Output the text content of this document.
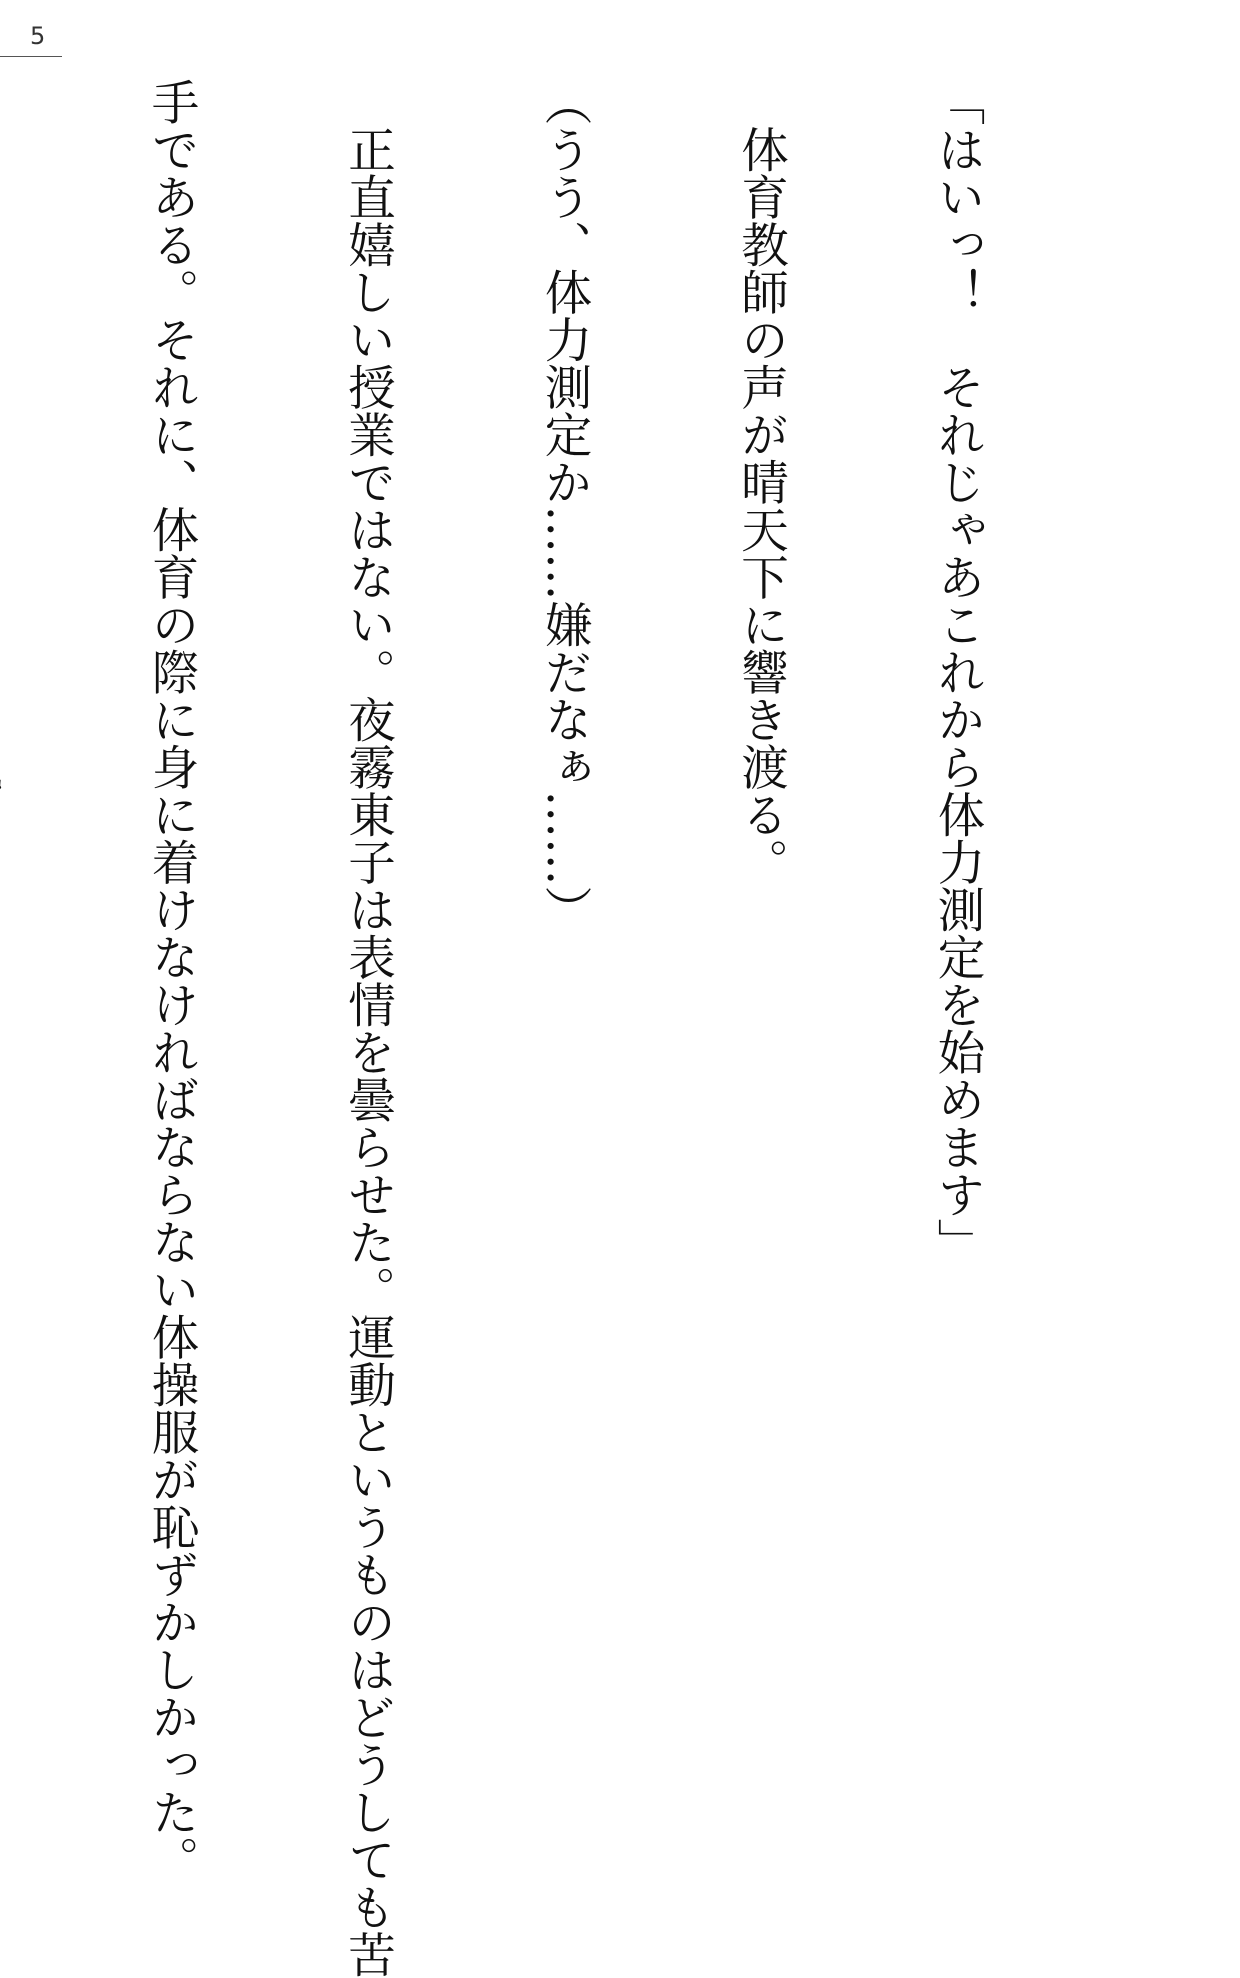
5

「はいっ！　それじゃあこれから体力測定を始めます」

　体育教師の声が晴天下に響き渡る。

（うう、体力測定か……嫌だなぁ……）

　正直嬉しい授業ではない。夜霧東子は表情を曇らせた。運動というものはどうしても苦

手である。それに、体育の際に身に着けなければならない体操服が恥ずかしかった。
